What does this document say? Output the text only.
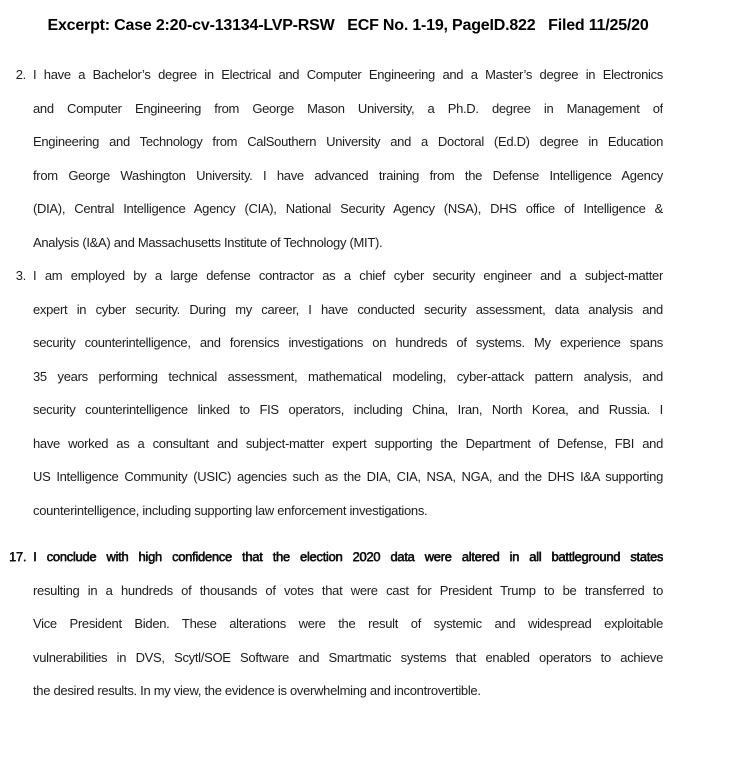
Excerpt: Case 2:20-cv-13134-LVP-RSW   ECF No. 1-19, PageID.822   Filed 11/25/20
2. I have a Bachelor’s degree in Electrical and Computer Engineering and a Master’s degree in Electronics
and Computer Engineering from George Mason University, a Ph.D. degree in Management of
Engineering and Technology from CalSouthern University and a Doctoral (Ed.D) degree in Education
from George Washington University. I have advanced training from the Defense Intelligence Agency
(DIA), Central Intelligence Agency (CIA), National Security Agency (NSA), DHS office of Intelligence &
Analysis (I&A) and Massachusetts Institute of Technology (MIT).
3. I am employed by a large defense contractor as a chief cyber security engineer and a subject-matter
expert in cyber security. During my career, I have conducted security assessment, data analysis and
security counterintelligence, and forensics investigations on hundreds of systems. My experience spans
35 years performing technical assessment, mathematical modeling, cyber-attack pattern analysis, and
security counterintelligence linked to FIS operators, including China, Iran, North Korea, and Russia. I
have worked as a consultant and subject-matter expert supporting the Department of Defense, FBI and
US Intelligence Community (USIC) agencies such as the DIA, CIA, NSA, NGA, and the DHS I&A supporting
counterintelligence, including supporting law enforcement investigations.
17. I conclude with high confidence that the election 2020 data were altered in all battleground states
resulting in a hundreds of thousands of votes that were cast for President Trump to be transferred to
Vice President Biden. These alterations were the result of systemic and widespread exploitable
vulnerabilities in DVS, Scytl/SOE Software and Smartmatic systems that enabled operators to achieve
the desired results. In my view, the evidence is overwhelming and incontrovertible.
